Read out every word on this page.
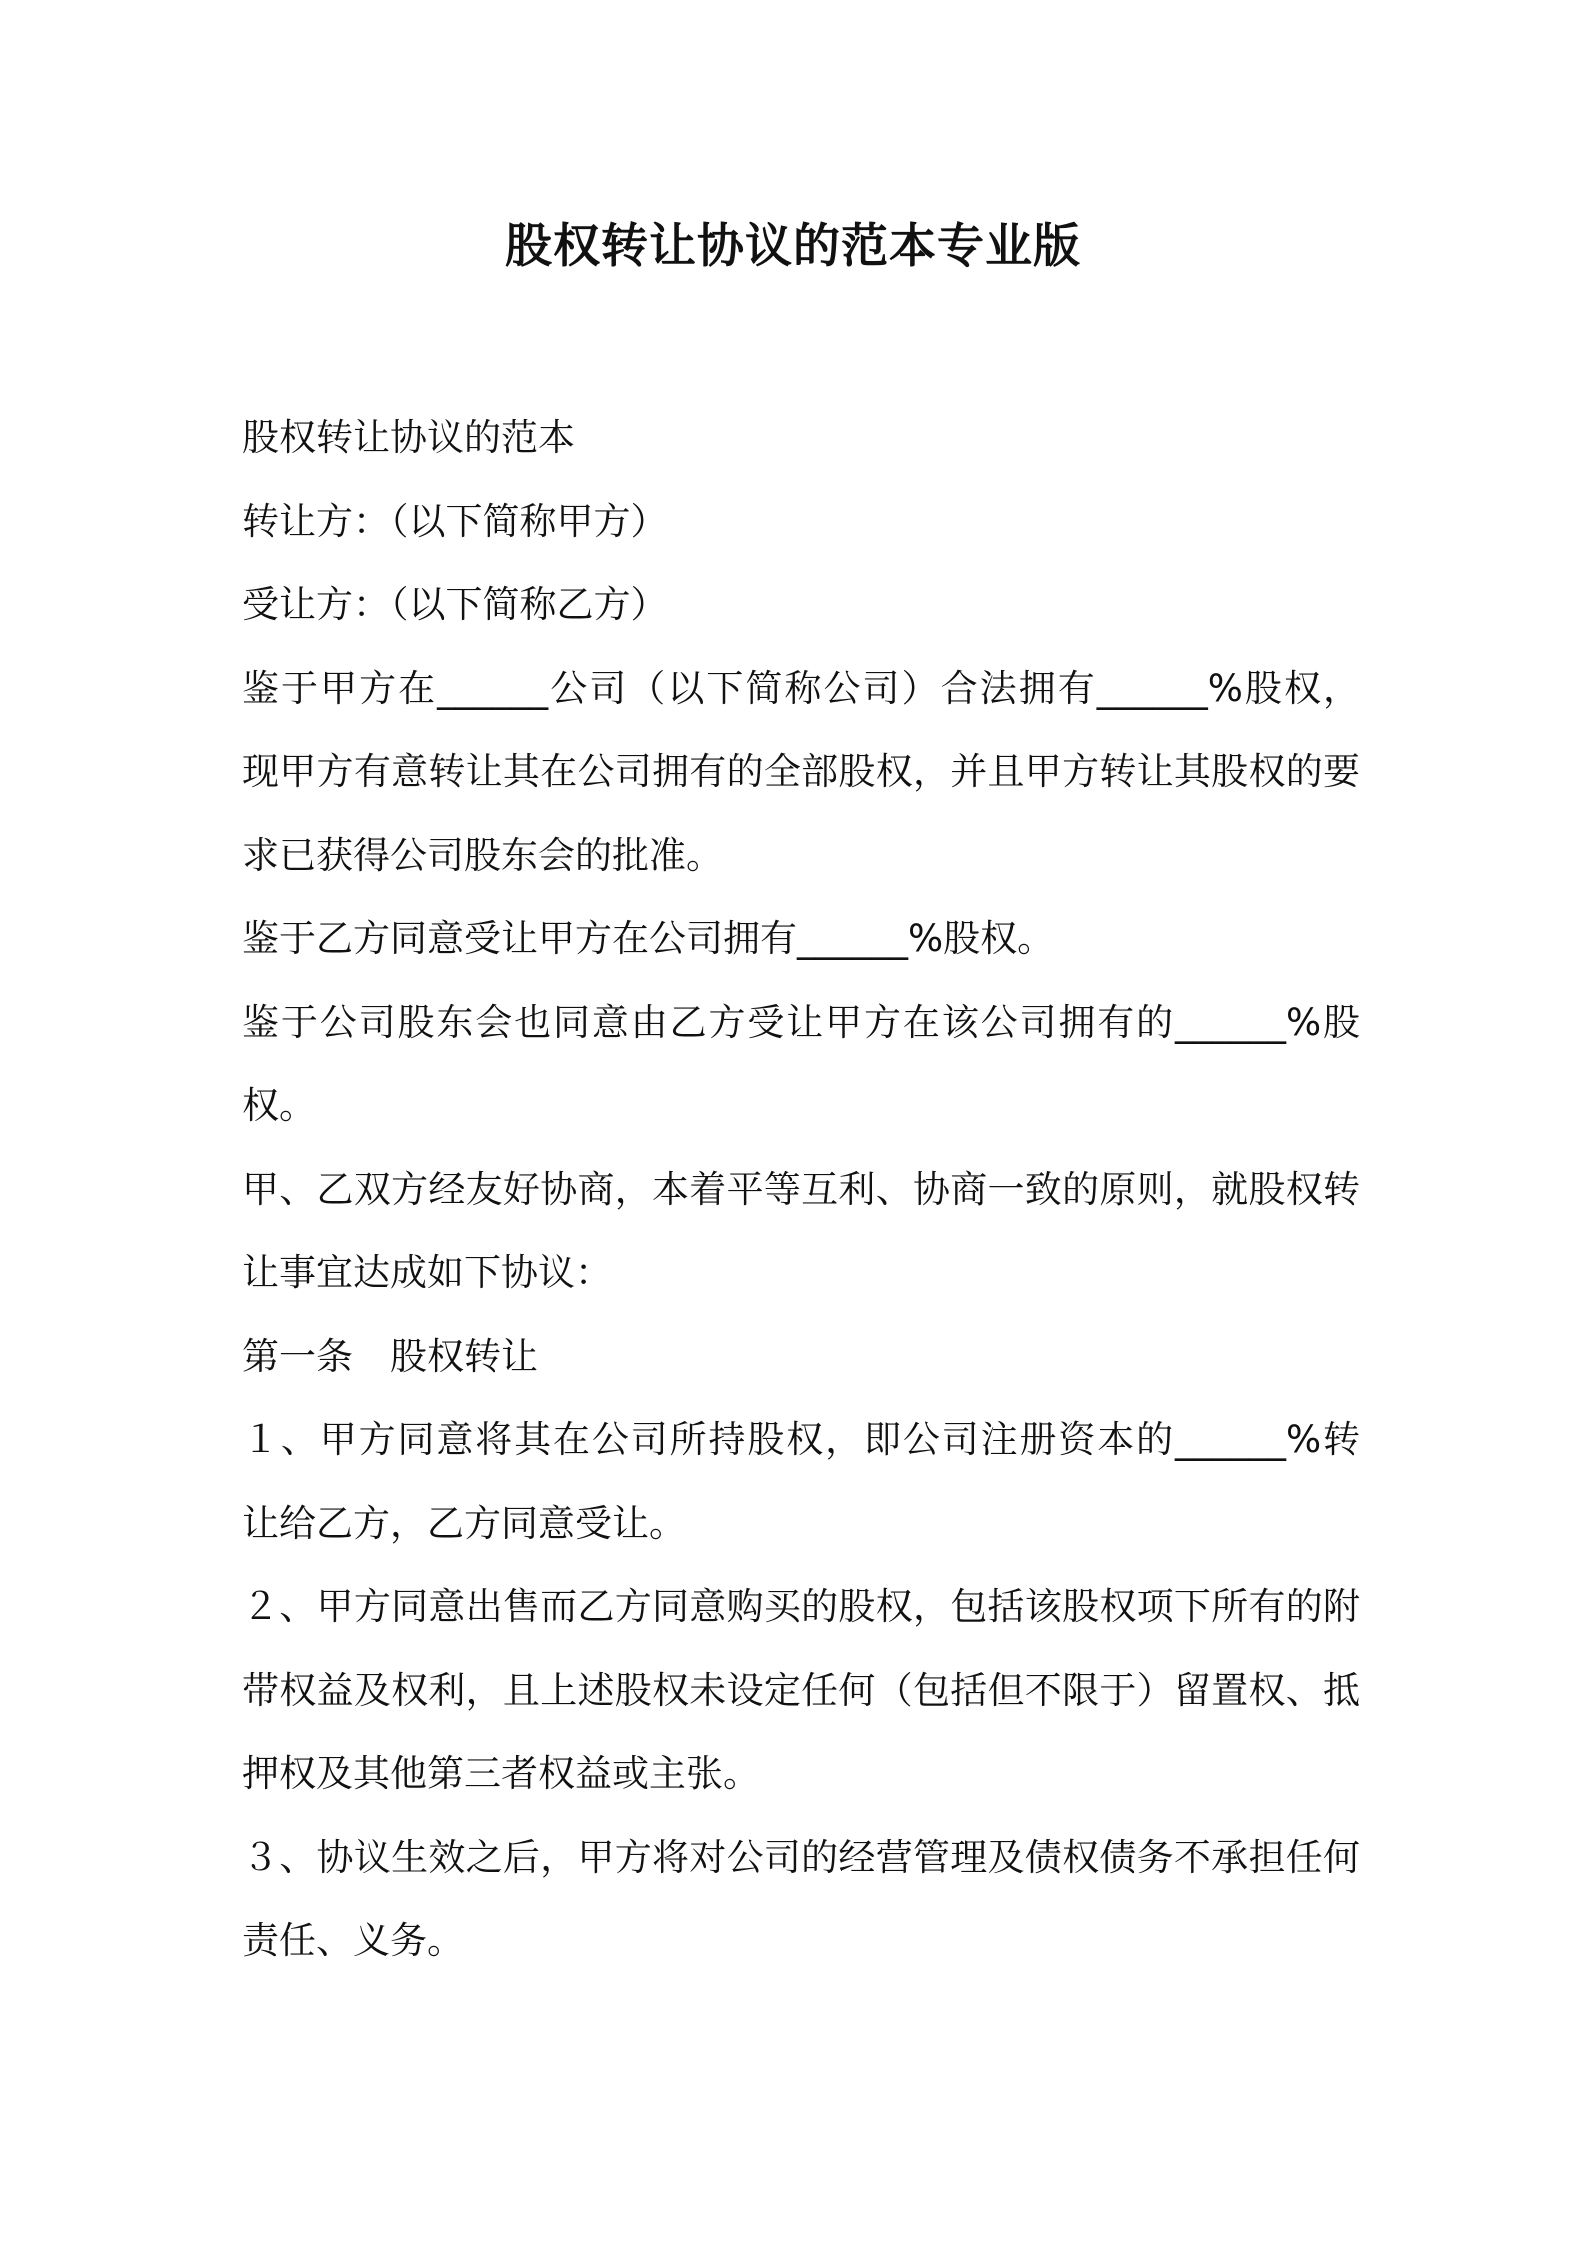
股权转让协议的范本专业版
股权转让协议的范本
转让方：（以下简称甲方）
受让方：（以下简称乙方）
鉴于甲方在______公司（以下简称公司）合法拥有______%股权，
现甲方有意转让其在公司拥有的全部股权，并且甲方转让其股权的要
求已获得公司股东会的批准。
鉴于乙方同意受让甲方在公司拥有______%股权。
鉴于公司股东会也同意由乙方受让甲方在该公司拥有的______%股
权。
甲、乙双方经友好协商，本着平等互利、协商一致的原则，就股权转
让事宜达成如下协议：
第一条　股权转让
１、甲方同意将其在公司所持股权，即公司注册资本的______%转
让给乙方，乙方同意受让。
２、甲方同意出售而乙方同意购买的股权，包括该股权项下所有的附
带权益及权利，且上述股权未设定任何（包括但不限于）留置权、抵
押权及其他第三者权益或主张。
３、协议生效之后，甲方将对公司的经营管理及债权债务不承担任何
责任、义务。
